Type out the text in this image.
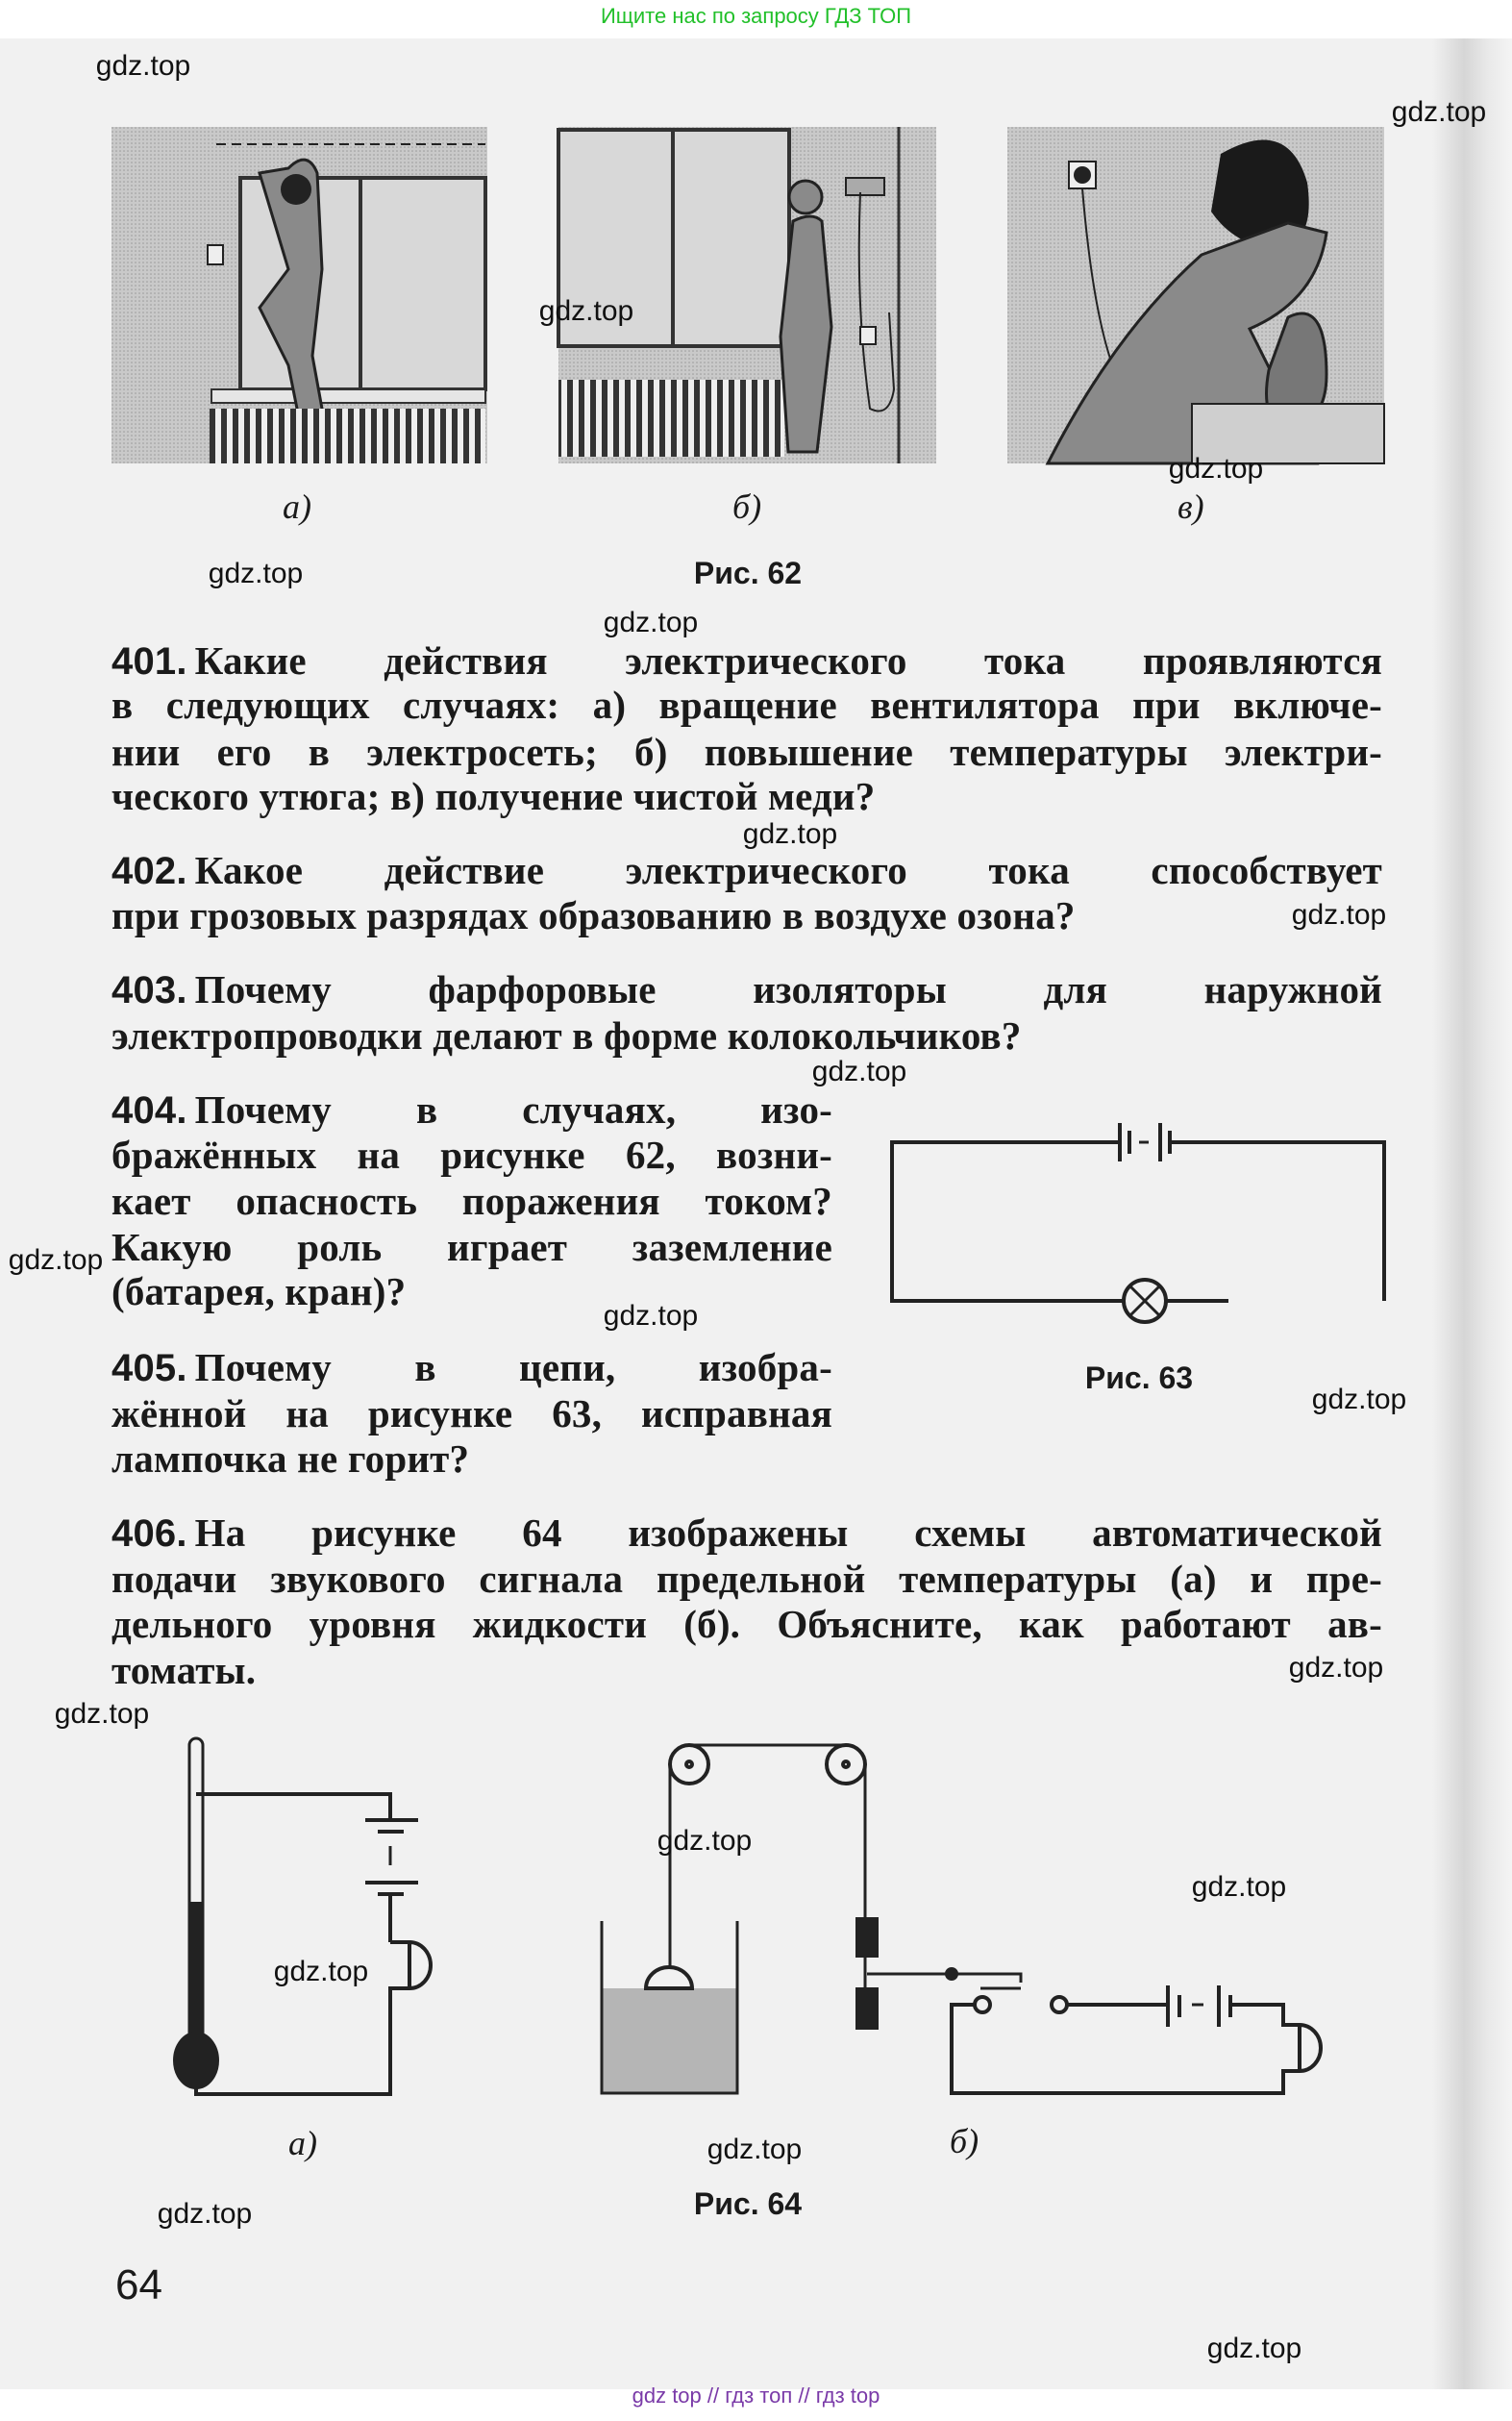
Ищите нас по запросу ГДЗ ТОП
а)	б)	в)
Рис. 62
Рис. 63
а)	б)
Рис. 64
401. Какие действия электрического тока проявляются
в следующих случаях: а) вращение вентилятора при включе-
нии его в электросеть; б) повышение температуры электри-
ческого утюга; в) получение чистой меди?
402. Какое действие электрического тока способствует
при грозовых разрядах образованию в воздухе озона?
403. Почему фарфоровые изоляторы для наружной
электропроводки делают в форме колокольчиков?
404. Почему в случаях, изо-
бражённых на рисунке 62, возни-
кает опасность поражения током?
Какую роль играет заземление
(батарея, кран)?
405. Почему в цепи, изобра-
жённой на рисунке 63, исправная
лампочка не горит?
406. На рисунке 64 изображены схемы автоматической
подачи звукового сигнала предельной температуры (а) и пре-
дельного уровня жидкости (б). Объясните, как работают ав-
томаты.
64
gdz top // гдз топ // гдз top
gdz.top
gdz.top
gdz.top
gdz.top
gdz.top
gdz.top
gdz.top
gdz.top
gdz.top
gdz.top
gdz.top
gdz.top
gdz.top
gdz.top
gdz.top
gdz.top
gdz.top
gdz.top
gdz.top
gdz.top
